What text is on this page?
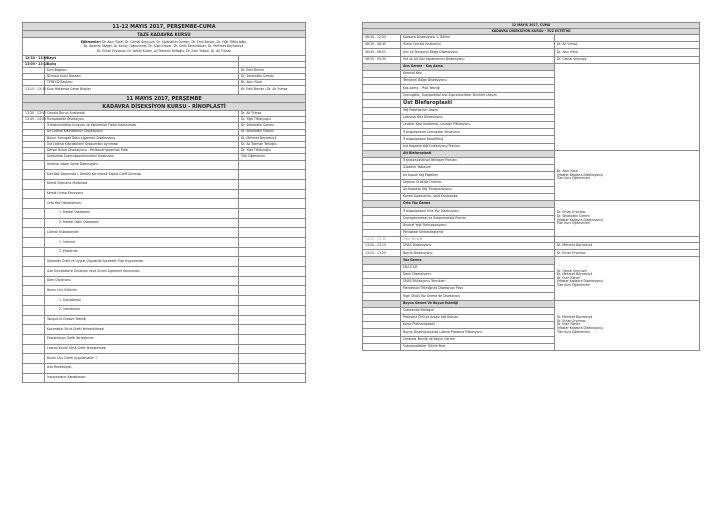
11-12 MAYIS 2017, PERŞEMBE-CUMA		
TAZE KADAVRA KURSU		

Eğitmenler: Dr. Akın Yücel, Dr. Cemal Şenyuva, Dr. Selahattin Özmen, Dr. Emil Benler, Dr. Yiğit Tiftikçioğlu,
Dr. İbrahim Vargel, Dr. Koray Coşkunfırat, Dr. Şükrü Yazar, Dr. Cenk Demirdöver, Dr. Mehmet Bayramiçli,
Dr. Erhan Eryılmaz, Dr. İsmail Kuran, Ali Teoman Tellioğlu, Dr. Eser Yüksel, Dr. Ali Yılmaz		

12:30 - 13:00	Kayıt	
13:00 - 13:15	Açılış	
	Kurs Başkanı	Dr. Emil Benler
	Bilimsel Kurul Başkanı	Dr. Selahattin Özmen
	TPRECD Başkanı	Dr. Akın Yücel
13:15 - 13:30	Kurs Hakkında Genel Bilgiler	Dr. Emil Benler / Dr. Ali Yılmaz
11 MAYIS 2017, PERŞEMBE		
KADAVRA DİSEKSİYON KURSU - RİNOPLASTİ		
13:30 - 13:45	Cerrahi Burun Anatomisi	Dr. Ali Yılmaz
13:45 - 14:00	Rinoplastide Diseksiyon	Dr. Yiğit Tiftikçioğlu
	Transkolumellar İnsizyon ve Kolumellar Flebin Kaldırılması	Dr. Selahattin Özmen
	Alt Lateral Kıkırdakların Diseksiyonu	Dr. Selahattin Özmen
	Burun Yumuşak Doku Ligament Diseksiyonu	Dr. Mehmet Bayramiçli
	Üst Lateral Kıkırdakların Septumdan Ayrılması	Dr. Ali Teoman Tellioğlu
	Dorsal Hump Diseksiyonu - Perikondriyoperiost Flebi	Dr. Yiğit Tiftikçioğlu
	Septumda Submukoperikondrial Diseksiyon	Tüm Eğitmenler
	Anterior Nazal Spine Diseksiyonu	
	Kıkırdak Septumda L Destek Korunarak Septal Greft Alınması	
	Kemik Septuma Müdahale	
	Kemik Hump Eksizyonu	
	Orta Hat Osteotomiler	
	1. Medial Osteotomi	
	2. Medial Oblik Osteotomi	
	Lateral Osteotomiler	
	1. İnternal	
	2. Eksternal	
	Spreader Greft ve Uygun Olgularda Spreader Flap Uygulaması	
	Alar Kıkırdakların Eksizyon veya Sciroll Ligament Korunması	
	Dom Dividyonu	
	Burun Ucu Sütürleri	
	1. Transdomal	
	2. İnterdomal	
	Tongue-In-Groove Tekniği	
	Kolumellar Strut Grefti Yerleştirilmesi	
	Ekstansiyon Grefti Yerleştirme	
	Lateral Krural Strut Greft Yerleştirmesi	
	Burun Ucu Greftl Uygulamaları ?	
	Alar Rezeksiyon	
	İnsizyonların Kapatılması	
12 MAYIS 2017, CUMA		
KADAVRA DİSEKSİYON KURSU - YÜZ ESTETİĞİ		
08:30 - 12:00	Kadavra Diseksiyonu 1. Bölüm	
08:30 - 08:45	Yüzün Cerrahi Anatomisi	Dr. Ali Yılmaz
08:45 - 08:55	Alın ve Temporal Bölge Diseksiyonu	Dr. Akın Yücel
08:55 - 09:00	Üst ve Alt Göz kapaklarının Diseksiyonu	Dr. Cemal Şenyuva
	Alın Germe - Kaş Asma	
	Koronal Kesi	
	Temporal Bölge Diseksiyonu	
	Kaş Asma – Ptoji Tekniği	
	Corrugator, Supraorbital and Supratrochlear Sinirlere Ulaşım	
	Üst Blefaroplasti	
	Yağ Paketlerine Ulaşım	
	Lakrimal Bez Diseksiyonu	
	Levator Kası Anatomisi, Levator Pilikasyonu	
	Transpalpebral Corrugator Eksizyonu	
	Transpalpebral Browlifting	
	Üst Kapakta Yağ Enjeksiyonu Planları	
	Alt Blefaroplasti	Dr. Akın Yücel
(Master Kadavra Diseksiyonu)
Tüm Kurs Eğitmenleri

	Transkonjunktival Yaklaşım Planları	
	Subsilier Yaklaşım	
	Alt Kapak Yağ Paketleri	
	Septum Orbitale Onarımı	
	Alt Kapakta Yağ Transpozisyonu	
	Kantal Ligamanlar, Split Kantopeksi	
	Orta Yüz Germe	Dr. Erhan Eryılmaz
Dr. Selahattin Özmen
(Master Kadavra Diseksiyonu)
Tüm Kurs Eğitmenleri

	Transpalpebral Orta Yüz Diseksiyonu	
	Supraperiosteal ve Subperiosteal Planlar	
	Bischat Yağı Transpozisyonu	
	Periosteal Serbestleştirme	
13:00 - 13:30	Öğle Yemeği	
13:00 - 13:10	SMAS Diseksiyonu	Dr. Mehmet Bayramiçli
13:10 - 13:20	Boyun Diseksiyonu	Dr. Erhan Eryılmaz
	Yüz Germe	Dr. Cemal Şenyuva
Dr. Mehmet Bayramiçli
Dr. Eser Yüksel
(Master Kadavra Diseksiyonu)
Tüm Kurs Eğitmenleri

	MACS Lift	
	Derin Diseksiyonu	
	SMAS Pilikasyonu Teknikleri	
	Mendelson Tekniğinde Diseksiyon Planı	
	High SMAS Yüz Germe de Diseksiyon	
	Boyun Germe Ve Boyun Estetiği	Dr. Mehmet Bayramiçli
Dr. Erhan Eryılmaz
Dr. Eser Yüksel
(Master Kadavra Diseksiyonu)
Tüm Kurs Eğitmenleri

	Submental Yaklaşım	
	Platysma Önü ve Arkası Yağ Dokusu	
	Korse Platismaplasty	
	Boyun Diseksiyonunda Lateral Platisma Pilikasyonu	
	Cerasols Tekniği ile Boyun Germe	
	Submandibüler Tükrük Bezi	
